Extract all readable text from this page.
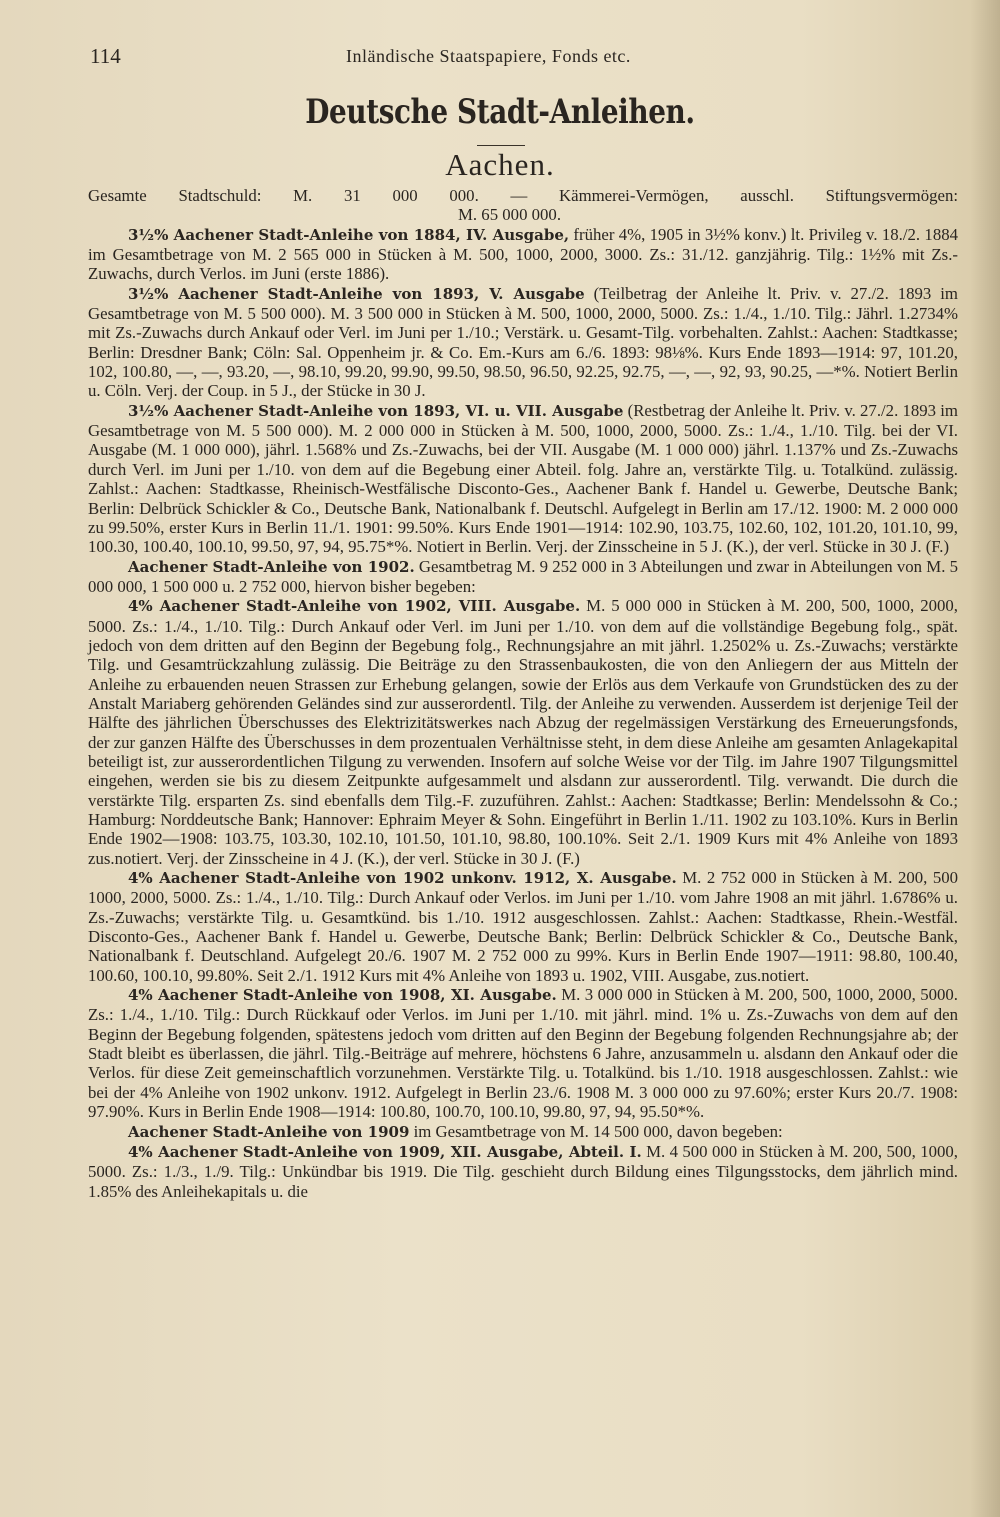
114	Inländische Staatspapiere, Fonds etc.
Deutsche Stadt-Anleihen.
Aachen.
Gesamte Stadtschuld: M. 31 000 000. — Kämmerei-Vermögen, ausschl. Stiftungsvermögen:
M. 65 000 000.

3½% Aachener Stadt-Anleihe von 1884, IV. Ausgabe, früher 4%, 1905 in 3½% konv.) lt. Privileg v. 18./2. 1884 im Gesamtbetrage von M. 2 565 000 in Stücken à M. 500, 1000, 2000, 3000. Zs.: 31./12. ganzjährig. Tilg.: 1½% mit Zs.-Zuwachs, durch Verlos. im Juni (erste 1886).

3½% Aachener Stadt-Anleihe von 1893, V. Ausgabe (Teilbetrag der Anleihe lt. Priv. v. 27./2. 1893 im Gesamtbetrage von M. 5 500 000). M. 3 500 000 in Stücken à M. 500, 1000, 2000, 5000. Zs.: 1./4., 1./10. Tilg.: Jährl. 1.2734% mit Zs.-Zuwachs durch Ankauf oder Verl. im Juni per 1./10.; Verstärk. u. Gesamt-Tilg. vorbehalten. Zahlst.: Aachen: Stadtkasse; Berlin: Dresdner Bank; Cöln: Sal. Oppenheim jr. & Co. Em.-Kurs am 6./6. 1893: 98⅛%. Kurs Ende 1893—1914: 97, 101.20, 102, 100.80, —, —, 93.20, —, 98.10, 99.20, 99.90, 99.50, 98.50, 96.50, 92.25, 92.75, —, —, 92, 93, 90.25, —*%. Notiert Berlin u. Cöln. Verj. der Coup. in 5 J., der Stücke in 30 J.

3½% Aachener Stadt-Anleihe von 1893, VI. u. VII. Ausgabe (Restbetrag der Anleihe lt. Priv. v. 27./2. 1893 im Gesamtbetrage von M. 5 500 000). M. 2 000 000 in Stücken à M. 500, 1000, 2000, 5000. Zs.: 1./4., 1./10. Tilg. bei der VI. Ausgabe (M. 1 000 000), jährl. 1.568% und Zs.-Zuwachs, bei der VII. Ausgabe (M. 1 000 000) jährl. 1.137% und Zs.-Zuwachs durch Verl. im Juni per 1./10. von dem auf die Begebung einer Abteil. folg. Jahre an, verstärkte Tilg. u. Totalkünd. zulässig. Zahlst.: Aachen: Stadtkasse, Rheinisch-Westfälische Disconto-Ges., Aachener Bank f. Handel u. Gewerbe, Deutsche Bank; Berlin: Delbrück Schickler & Co., Deutsche Bank, Nationalbank f. Deutschl. Aufgelegt in Berlin am 17./12. 1900: M. 2 000 000 zu 99.50%, erster Kurs in Berlin 11./1. 1901: 99.50%. Kurs Ende 1901—1914: 102.90, 103.75, 102.60, 102, 101.20, 101.10, 99, 100.30, 100.40, 100.10, 99.50, 97, 94, 95.75*%. Notiert in Berlin. Verj. der Zinsscheine in 5 J. (K.), der verl. Stücke in 30 J. (F.)

Aachener Stadt-Anleihe von 1902. Gesamtbetrag M. 9 252 000 in 3 Abteilungen und zwar in Abteilungen von M. 5 000 000, 1 500 000 u. 2 752 000, hiervon bisher begeben:

4% Aachener Stadt-Anleihe von 1902, VIII. Ausgabe. M. 5 000 000 in Stücken à M. 200, 500, 1000, 2000, 5000. Zs.: 1./4., 1./10. Tilg.: Durch Ankauf oder Verl. im Juni per 1./10. von dem auf die vollständige Begebung folg., spät. jedoch von dem dritten auf den Beginn der Begebung folg., Rechnungsjahre an mit jährl. 1.2502% u. Zs.-Zuwachs; verstärkte Tilg. und Gesamtrückzahlung zulässig. Die Beiträge zu den Strassenbaukosten, die von den Anliegern der aus Mitteln der Anleihe zu erbauenden neuen Strassen zur Erhebung gelangen, sowie der Erlös aus dem Verkaufe von Grundstücken des zu der Anstalt Mariaberg gehörenden Geländes sind zur ausserordentl. Tilg. der Anleihe zu verwenden. Ausserdem ist derjenige Teil der Hälfte des jährlichen Überschusses des Elektrizitätswerkes nach Abzug der regelmässigen Verstärkung des Erneuerungsfonds, der zur ganzen Hälfte des Überschusses in dem prozentualen Verhältnisse steht, in dem diese Anleihe am gesamten Anlagekapital beteiligt ist, zur ausserordentlichen Tilgung zu verwenden. Insofern auf solche Weise vor der Tilg. im Jahre 1907 Tilgungsmittel eingehen, werden sie bis zu diesem Zeitpunkte aufgesammelt und alsdann zur ausserordentl. Tilg. verwandt. Die durch die verstärkte Tilg. ersparten Zs. sind ebenfalls dem Tilg.-F. zuzuführen. Zahlst.: Aachen: Stadtkasse; Berlin: Mendelssohn & Co.; Hamburg: Norddeutsche Bank; Hannover: Ephraim Meyer & Sohn. Eingeführt in Berlin 1./11. 1902 zu 103.10%. Kurs in Berlin Ende 1902—1908: 103.75, 103.30, 102.10, 101.50, 101.10, 98.80, 100.10%. Seit 2./1. 1909 Kurs mit 4% Anleihe von 1893 zus.notiert. Verj. der Zinsscheine in 4 J. (K.), der verl. Stücke in 30 J. (F.)

4% Aachener Stadt-Anleihe von 1902 unkonv. 1912, X. Ausgabe. M. 2 752 000 in Stücken à M. 200, 500 1000, 2000, 5000. Zs.: 1./4., 1./10. Tilg.: Durch Ankauf oder Verlos. im Juni per 1./10. vom Jahre 1908 an mit jährl. 1.6786% u. Zs.-Zuwachs; verstärkte Tilg. u. Gesamtkünd. bis 1./10. 1912 ausgeschlossen. Zahlst.: Aachen: Stadtkasse, Rhein.-Westfäl. Disconto-Ges., Aachener Bank f. Handel u. Gewerbe, Deutsche Bank; Berlin: Delbrück Schickler & Co., Deutsche Bank, Nationalbank f. Deutschland. Aufgelegt 20./6. 1907 M. 2 752 000 zu 99%. Kurs in Berlin Ende 1907—1911: 98.80, 100.40, 100.60, 100.10, 99.80%. Seit 2./1. 1912 Kurs mit 4% Anleihe von 1893 u. 1902, VIII. Ausgabe, zus.notiert.

4% Aachener Stadt-Anleihe von 1908, XI. Ausgabe. M. 3 000 000 in Stücken à M. 200, 500, 1000, 2000, 5000. Zs.: 1./4., 1./10. Tilg.: Durch Rückkauf oder Verlos. im Juni per 1./10. mit jährl. mind. 1% u. Zs.-Zuwachs von dem auf den Beginn der Begebung folgenden, spätestens jedoch vom dritten auf den Beginn der Begebung folgenden Rechnungsjahre ab; der Stadt bleibt es überlassen, die jährl. Tilg.-Beiträge auf mehrere, höchstens 6 Jahre, anzusammeln u. alsdann den Ankauf oder die Verlos. für diese Zeit gemeinschaftlich vorzunehmen. Verstärkte Tilg. u. Totalkünd. bis 1./10. 1918 ausgeschlossen. Zahlst.: wie bei der 4% Anleihe von 1902 unkonv. 1912. Aufgelegt in Berlin 23./6. 1908 M. 3 000 000 zu 97.60%; erster Kurs 20./7. 1908: 97.90%. Kurs in Berlin Ende 1908—1914: 100.80, 100.70, 100.10, 99.80, 97, 94, 95.50*%.

Aachener Stadt-Anleihe von 1909 im Gesamtbetrage von M. 14 500 000, davon begeben:

4% Aachener Stadt-Anleihe von 1909, XII. Ausgabe, Abteil. I. M. 4 500 000 in Stücken à M. 200, 500, 1000, 5000. Zs.: 1./3., 1./9. Tilg.: Unkündbar bis 1919. Die Tilg. geschieht durch Bildung eines Tilgungsstocks, dem jährlich mind. 1.85% des Anleihekapitals u. die
